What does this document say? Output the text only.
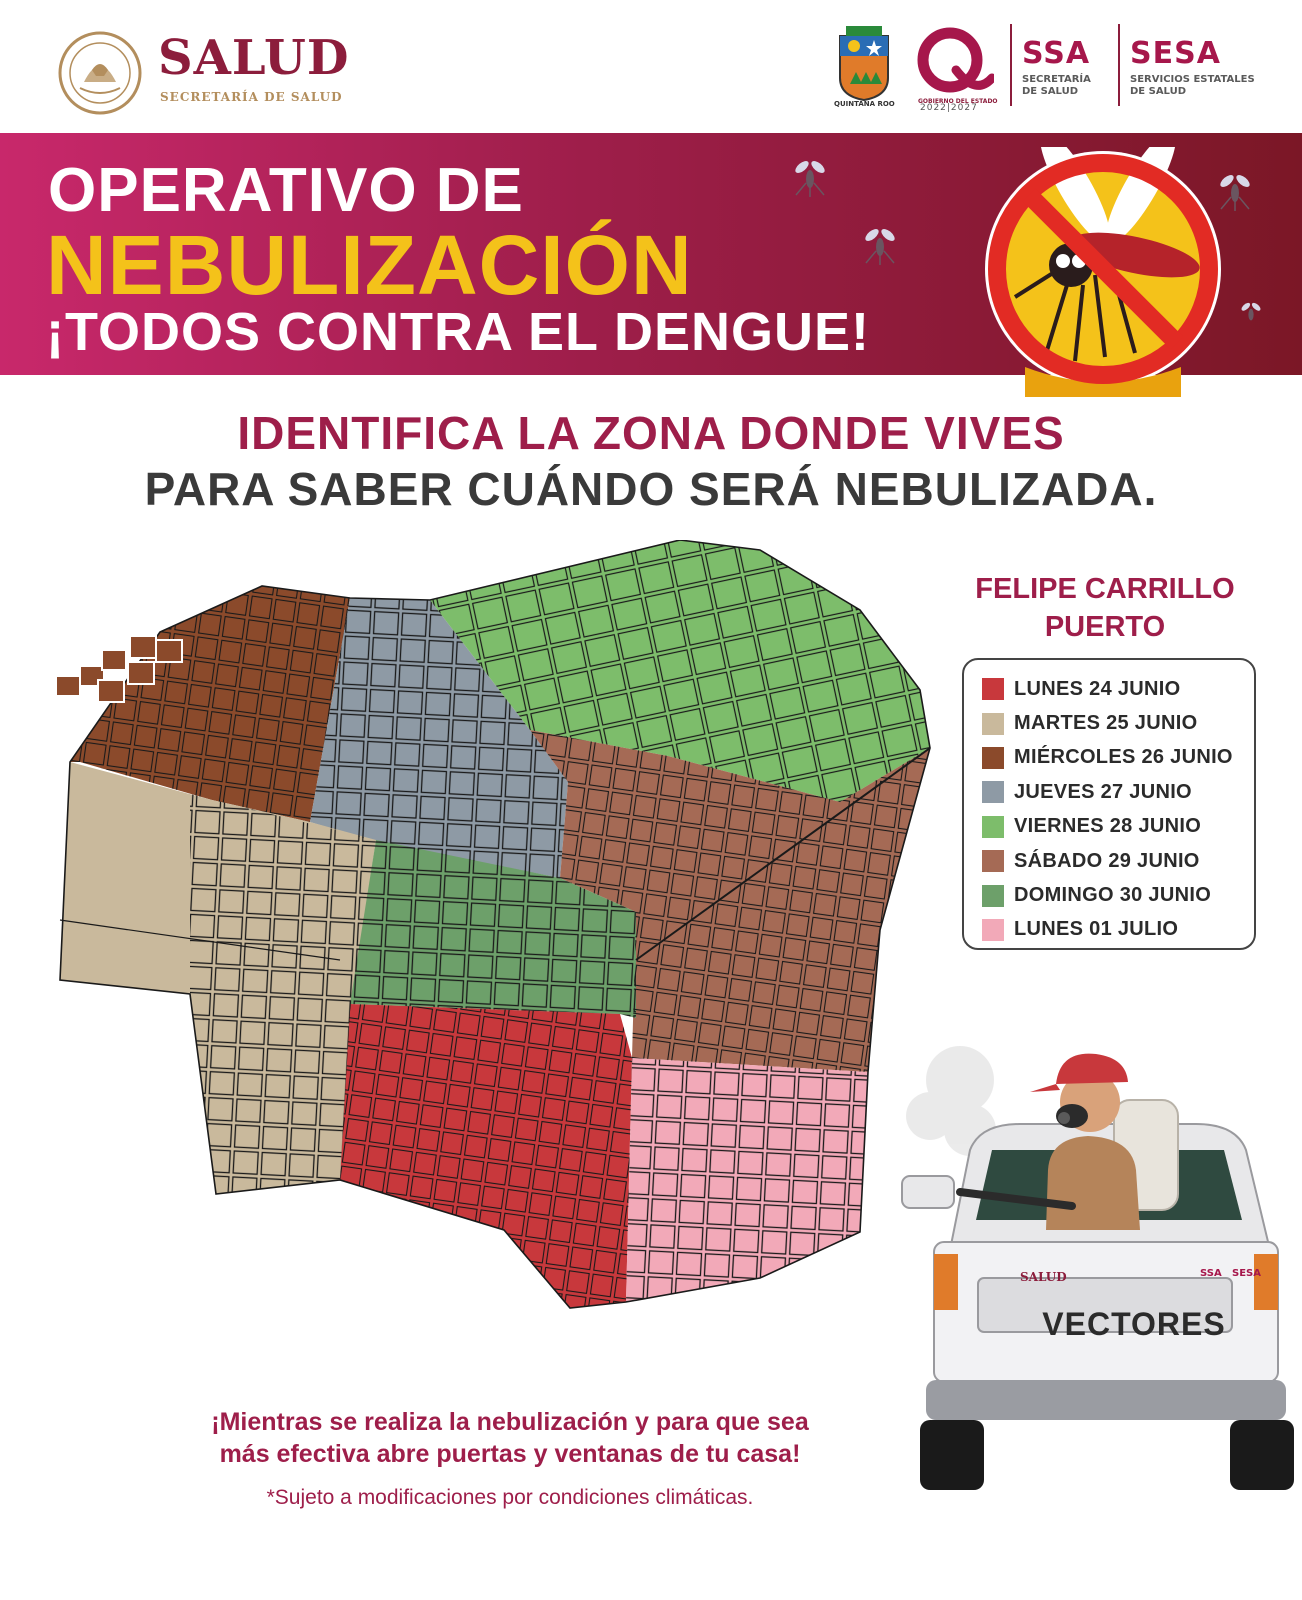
SALUD
SECRETARÍA DE SALUD	QUINTANA ROO	GOBIERNO DEL ESTADO
2022|2027
SSA
SECRETARÍA DE SALUD
SESA
SERVICIOS ESTATALES DE SALUD
OPERATIVO DE
NEBULIZACIÓN
¡TODOS CONTRA EL DENGUE!
IDENTIFICA LA ZONA DONDE VIVES
PARA SABER CUÁNDO SERÁ NEBULIZADA.
FELIPE CARRILLO
PUERTO
LUNES 24 JUNIO
MARTES 25 JUNIO
MIÉRCOLES 26 JUNIO
JUEVES 27 JUNIO
VIERNES 28 JUNIO
SÁBADO 29 JUNIO
DOMINGO 30 JUNIO
LUNES 01 JULIO
SALUD	SSA SESA
VECTORES
¡Mientras se realiza la nebulización y para que sea
más efectiva abre puertas y ventanas de tu casa!
*Sujeto a modificaciones por condiciones climáticas.
